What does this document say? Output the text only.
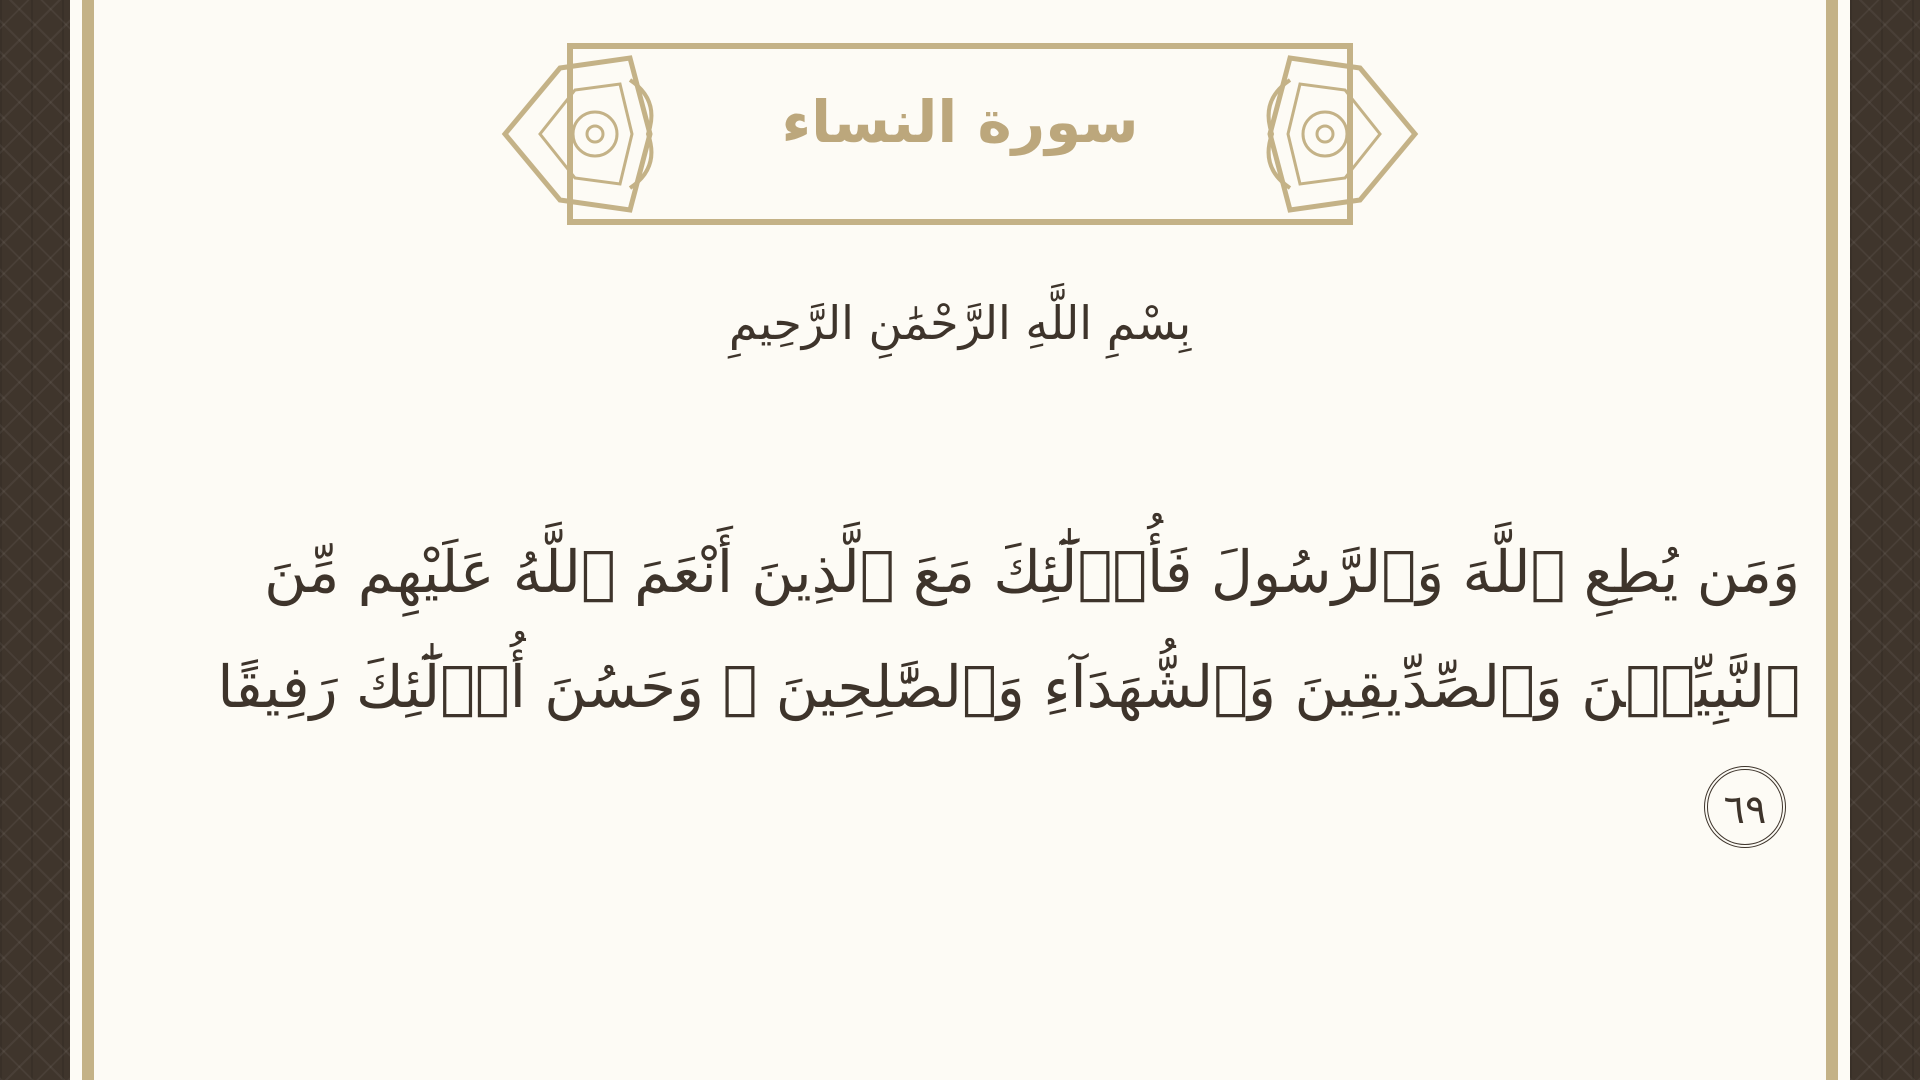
سورة النساء
بِسْمِ اللَّهِ الرَّحْمَٰنِ الرَّحِيمِ
وَمَن يُطِعِ ٱللَّهَ وَٱلرَّسُولَ فَأُو۟لَٰٓئِكَ مَعَ ٱلَّذِينَ أَنْعَمَ ٱللَّهُ عَلَيْهِم مِّنَ ٱلنَّبِيِّـۧنَ وَٱلصِّدِّيقِينَ وَٱلشُّهَدَآءِ وَٱلصَّٰلِحِينَ ۚ وَحَسُنَ أُو۟لَٰٓئِكَ رَفِيقًا ٦٩
